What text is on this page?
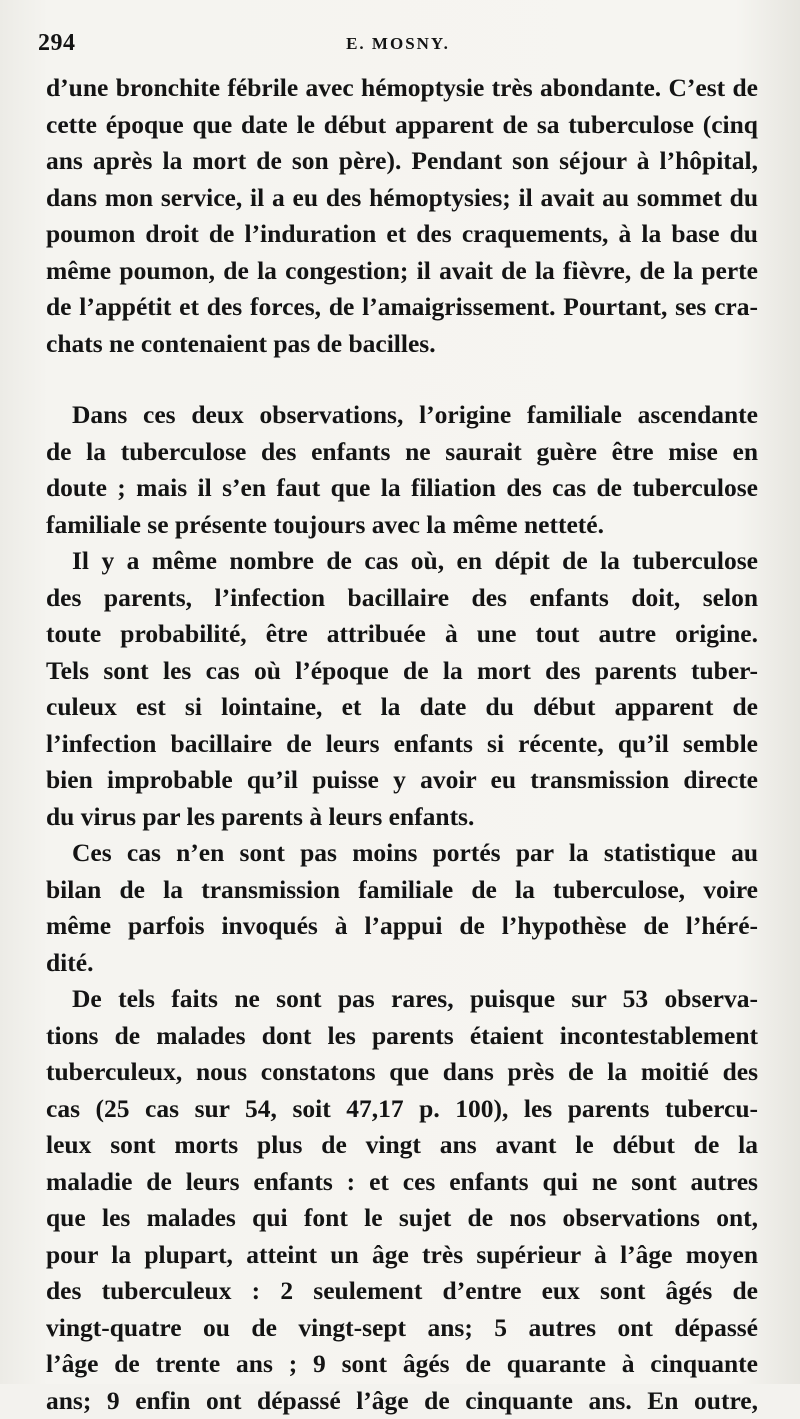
294	E. MOSNY.
d’une bronchite fébrile avec hémoptysie très abondante. C’est de
cette époque que date le début apparent de sa tuberculose (cinq
ans après la mort de son père). Pendant son séjour à l’hôpital,
dans mon service, il a eu des hémoptysies; il avait au sommet du
poumon droit de l’induration et des craquements, à la base du
même poumon, de la congestion; il avait de la fièvre, de la perte
de l’appétit et des forces, de l’amaigrissement. Pourtant, ses cra-
chats ne contenaient pas de bacilles.
Dans ces deux observations, l’origine familiale ascendante
de la tuberculose des enfants ne saurait guère être mise en
doute ; mais il s’en faut que la filiation des cas de tuberculose
familiale se présente toujours avec la même netteté.
Il y a même nombre de cas où, en dépit de la tuberculose
des parents, l’infection bacillaire des enfants doit, selon
toute probabilité, être attribuée à une tout autre origine.
Tels sont les cas où l’époque de la mort des parents tuber-
culeux est si lointaine, et la date du début apparent de
l’infection bacillaire de leurs enfants si récente, qu’il semble
bien improbable qu’il puisse y avoir eu transmission directe
du virus par les parents à leurs enfants.
Ces cas n’en sont pas moins portés par la statistique au
bilan de la transmission familiale de la tuberculose, voire
même parfois invoqués à l’appui de l’hypothèse de l’héré-
dité.
De tels faits ne sont pas rares, puisque sur 53 observa-
tions de malades dont les parents étaient incontestablement
tuberculeux, nous constatons que dans près de la moitié des
cas (25 cas sur 54, soit 47,17 p. 100), les parents tubercu-
leux sont morts plus de vingt ans avant le début de la
maladie de leurs enfants : et ces enfants qui ne sont autres
que les malades qui font le sujet de nos observations ont,
pour la plupart, atteint un âge très supérieur à l’âge moyen
des tuberculeux : 2 seulement d’entre eux sont âgés de
vingt-quatre ou de vingt-sept ans; 5 autres ont dépassé
l’âge de trente ans ; 9 sont âgés de quarante à cinquante
ans; 9 enfin ont dépassé l’âge de cinquante ans. En outre,
